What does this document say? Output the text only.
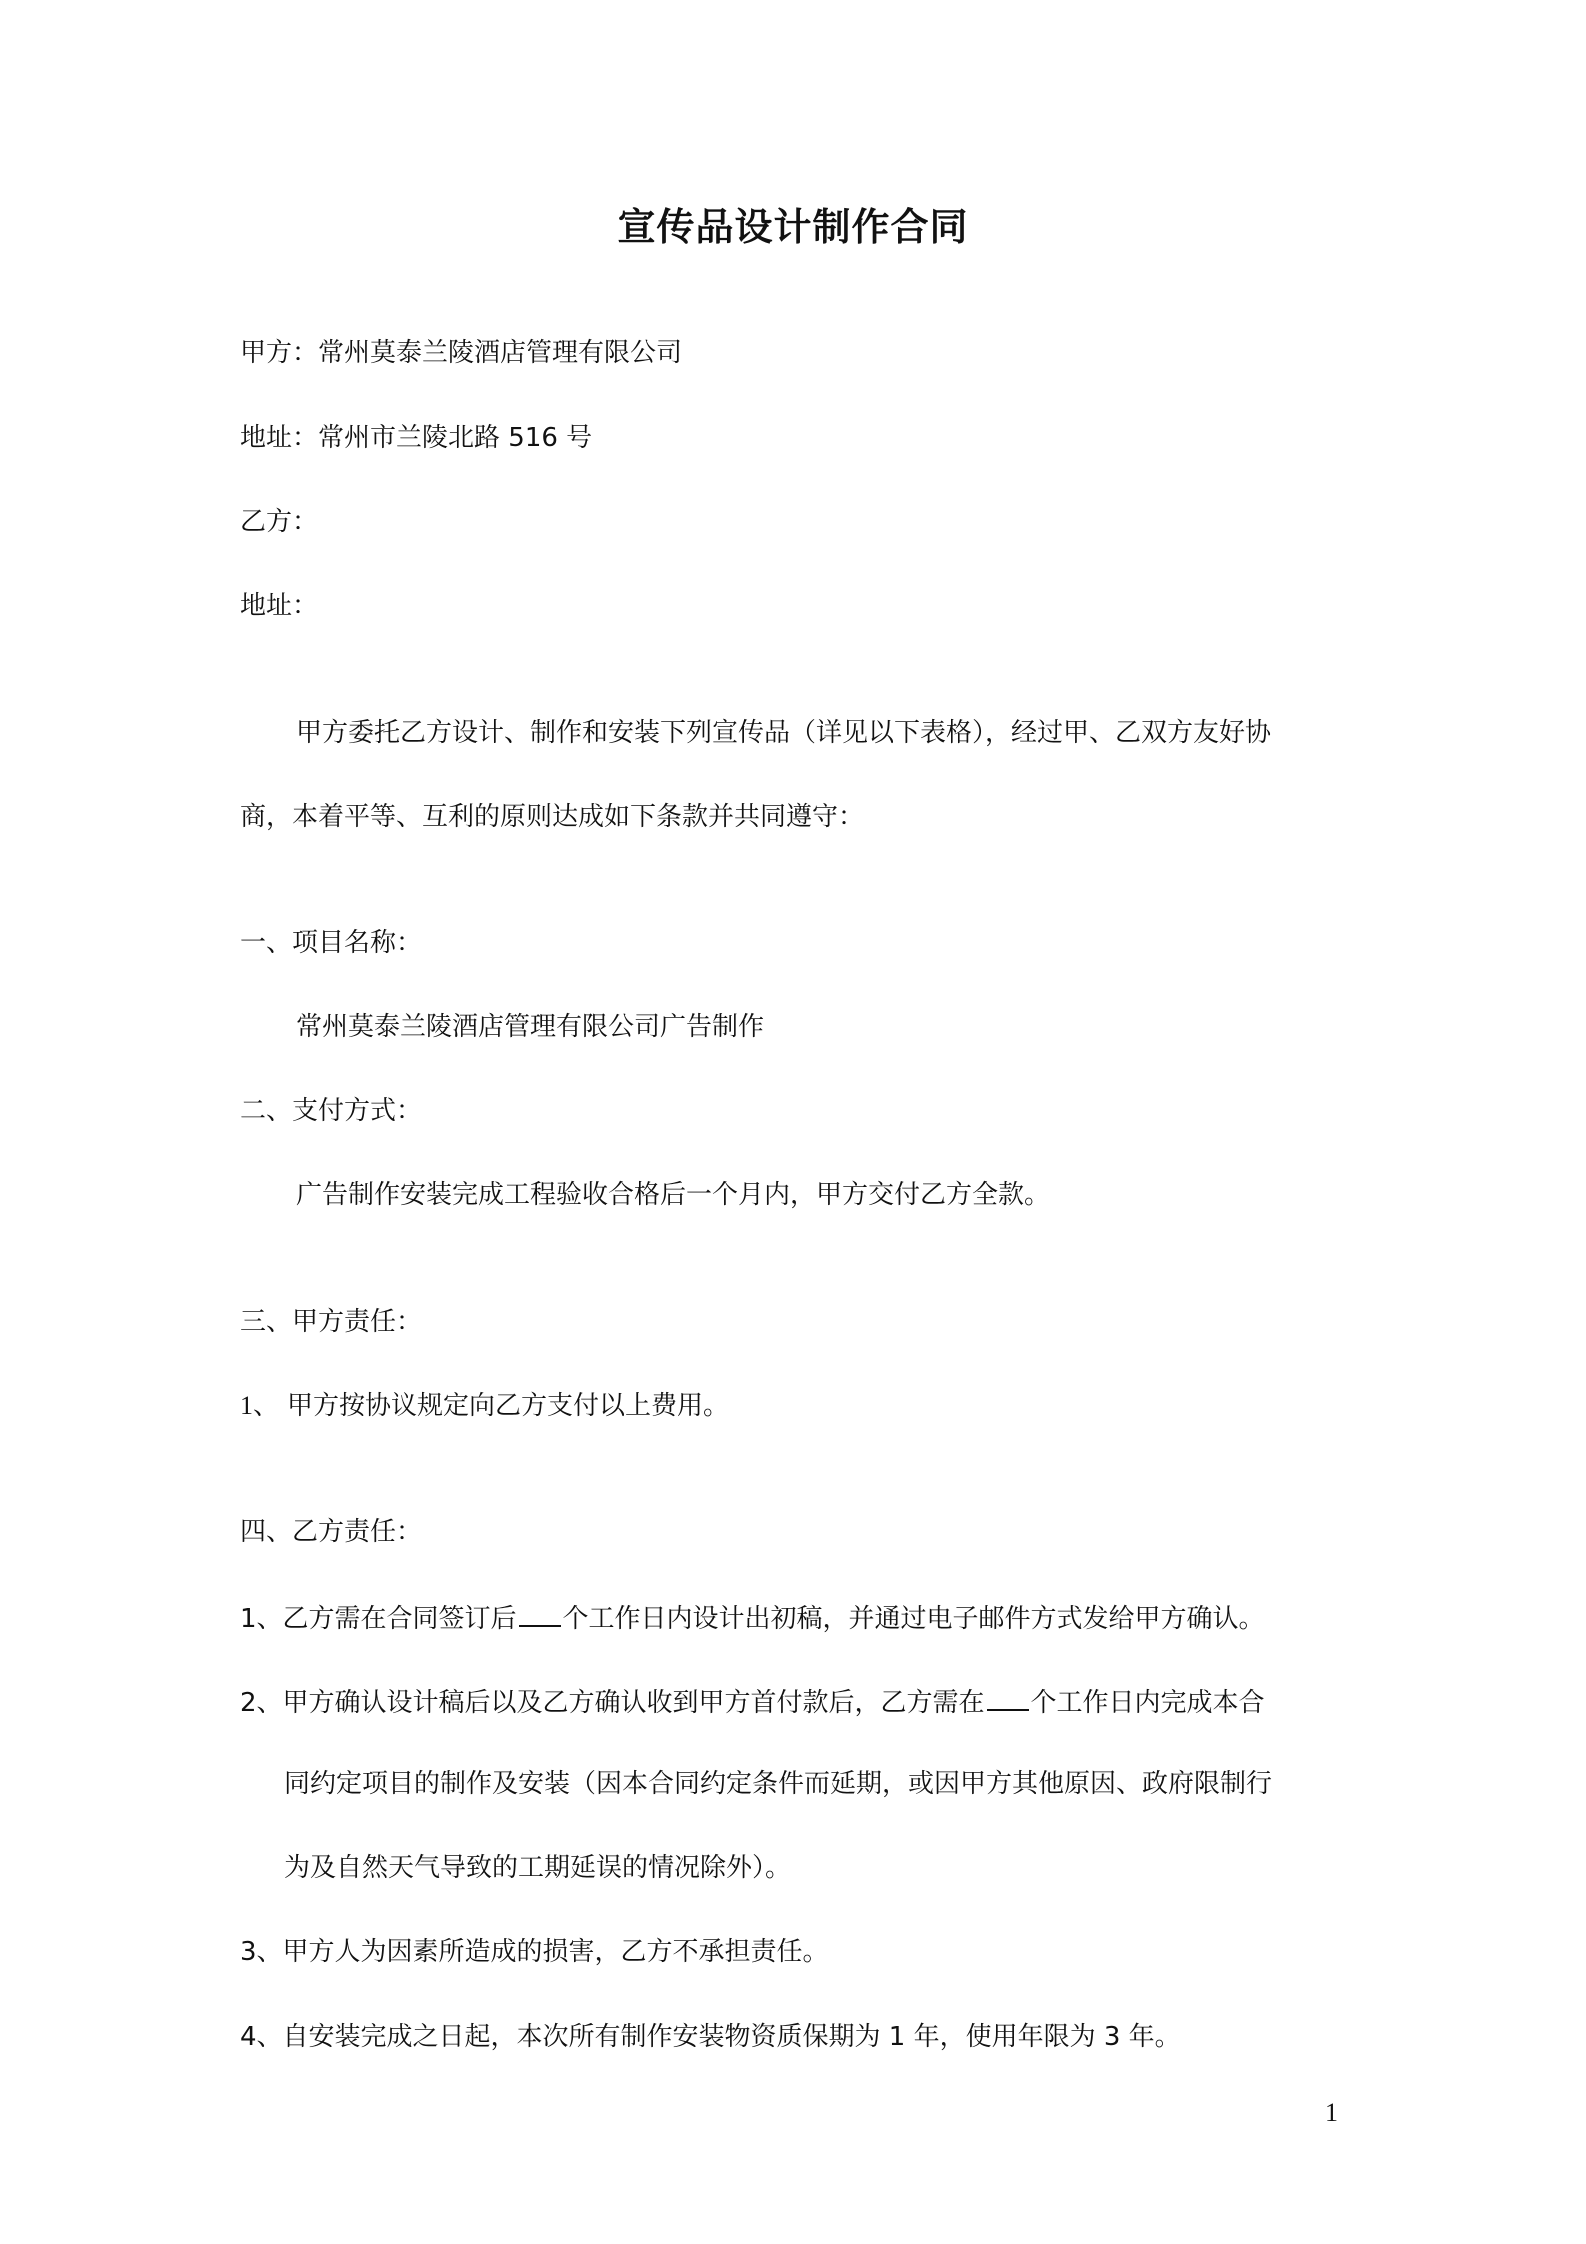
宣传品设计制作合同

甲方：常州莫泰兰陵酒店管理有限公司

地址：常州市兰陵北路 516 号

乙方：

地址：

甲方委托乙方设计、制作和安装下列宣传品（详见以下表格），经过甲、乙双方友好协

商，本着平等、互利的原则达成如下条款并共同遵守：

一、项目名称：

常州莫泰兰陵酒店管理有限公司广告制作

二、支付方式：

广告制作安装完成工程验收合格后一个月内，甲方交付乙方全款。

三、甲方责任：

1、 甲方按协议规定向乙方支付以上费用。

四、乙方责任：

1、乙方需在合同签订后 个工作日内设计出初稿，并通过电子邮件方式发给甲方确认。

2、甲方确认设计稿后以及乙方确认收到甲方首付款后，乙方需在 个工作日内完成本合

同约定项目的制作及安装（因本合同约定条件而延期，或因甲方其他原因、政府限制行

为及自然天气导致的工期延误的情况除外）。

3、甲方人为因素所造成的损害，乙方不承担责任。

4、自安装完成之日起，本次所有制作安装物资质保期为 1 年，使用年限为 3 年。

1
